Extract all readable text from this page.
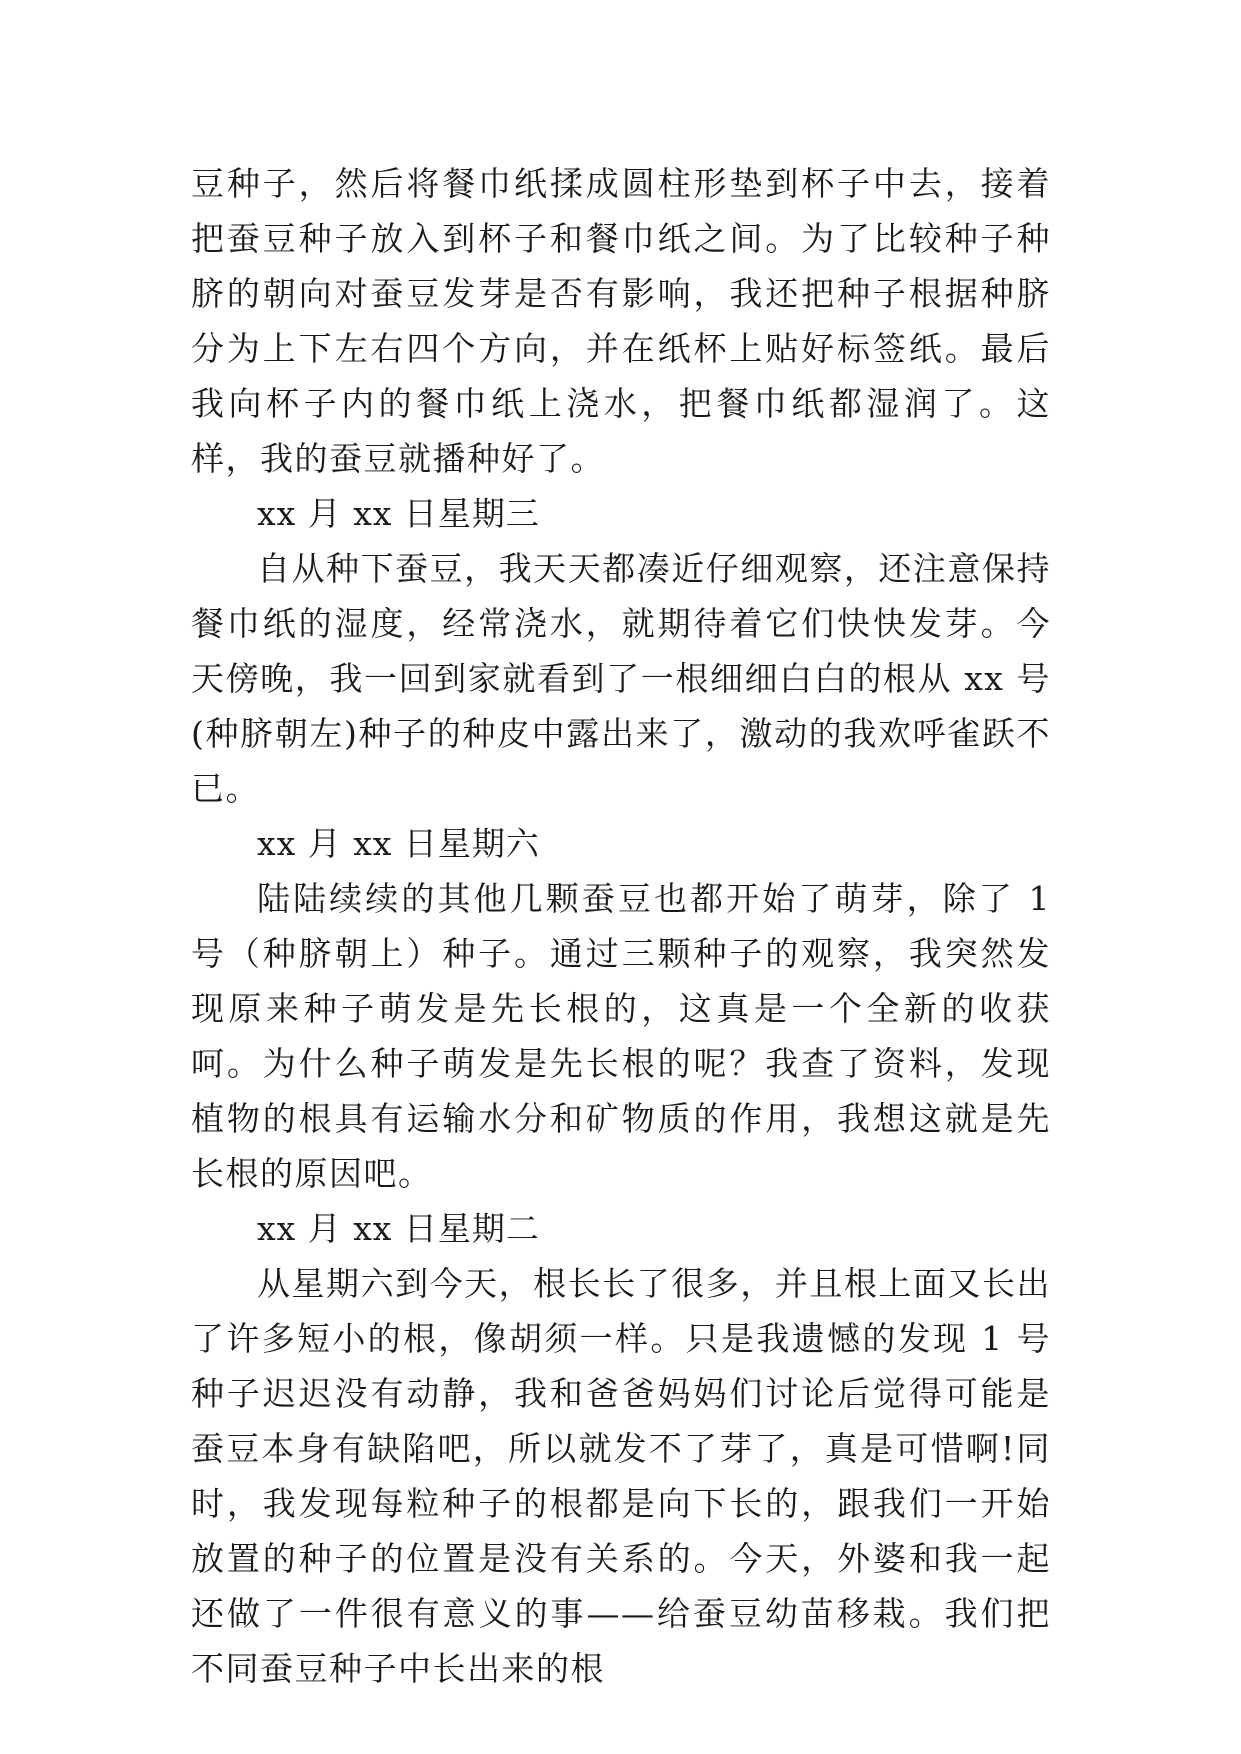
豆种子，然后将餐巾纸揉成圆柱形垫到杯子中去，接着把蚕豆种子放入到杯子和餐巾纸之间。为了比较种子种脐的朝向对蚕豆发芽是否有影响，我还把种子根据种脐分为上下左右四个方向，并在纸杯上贴好标签纸。最后我向杯子内的餐巾纸上浇水，把餐巾纸都湿润了。这样，我的蚕豆就播种好了。

xx 月 xx 日星期三

自从种下蚕豆，我天天都凑近仔细观察，还注意保持餐巾纸的湿度，经常浇水，就期待着它们快快发芽。今天傍晚，我一回到家就看到了一根细细白白的根从 xx 号(种脐朝左)种子的种皮中露出来了，激动的我欢呼雀跃不已。

xx 月 xx 日星期六

陆陆续续的其他几颗蚕豆也都开始了萌芽，除了 1 号（种脐朝上）种子。通过三颗种子的观察，我突然发现原来种子萌发是先长根的，这真是一个全新的收获呵。为什么种子萌发是先长根的呢？我查了资料，发现植物的根具有运输水分和矿物质的作用，我想这就是先长根的原因吧。

xx 月 xx 日星期二

从星期六到今天，根长长了很多，并且根上面又长出了许多短小的根，像胡须一样。只是我遗憾的发现 1 号种子迟迟没有动静，我和爸爸妈妈们讨论后觉得可能是蚕豆本身有缺陷吧，所以就发不了芽了，真是可惜啊!同时，我发现每粒种子的根都是向下长的，跟我们一开始放置的种子的位置是没有关系的。今天，外婆和我一起还做了一件很有意义的事——给蚕豆幼苗移栽。我们把不同蚕豆种子中长出来的根
